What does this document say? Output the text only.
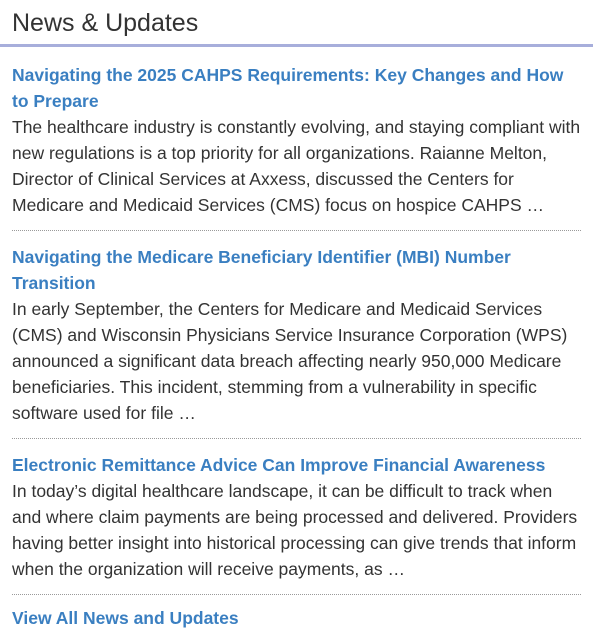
News & Updates
Navigating the 2025 CAHPS Requirements: Key Changes and How to Prepare

The healthcare industry is constantly evolving, and staying compliant with new regulations is a top priority for all organizations. Raianne Melton, Director of Clinical Services at Axxess, discussed the Centers for Medicare and Medicaid Services (CMS) focus on hospice CAHPS …

Navigating the Medicare Beneficiary Identifier (MBI) Number Transition

In early September, the Centers for Medicare and Medicaid Services (CMS) and Wisconsin Physicians Service Insurance Corporation (WPS) announced a significant data breach affecting nearly 950,000 Medicare beneficiaries. This incident, stemming from a vulnerability in specific software used for file …

Electronic Remittance Advice Can Improve Financial Awareness

In today’s digital healthcare landscape, it can be difficult to track when and where claim payments are being processed and delivered. Providers having better insight into historical processing can give trends that inform when the organization will receive payments, as …

View All News and Updates
